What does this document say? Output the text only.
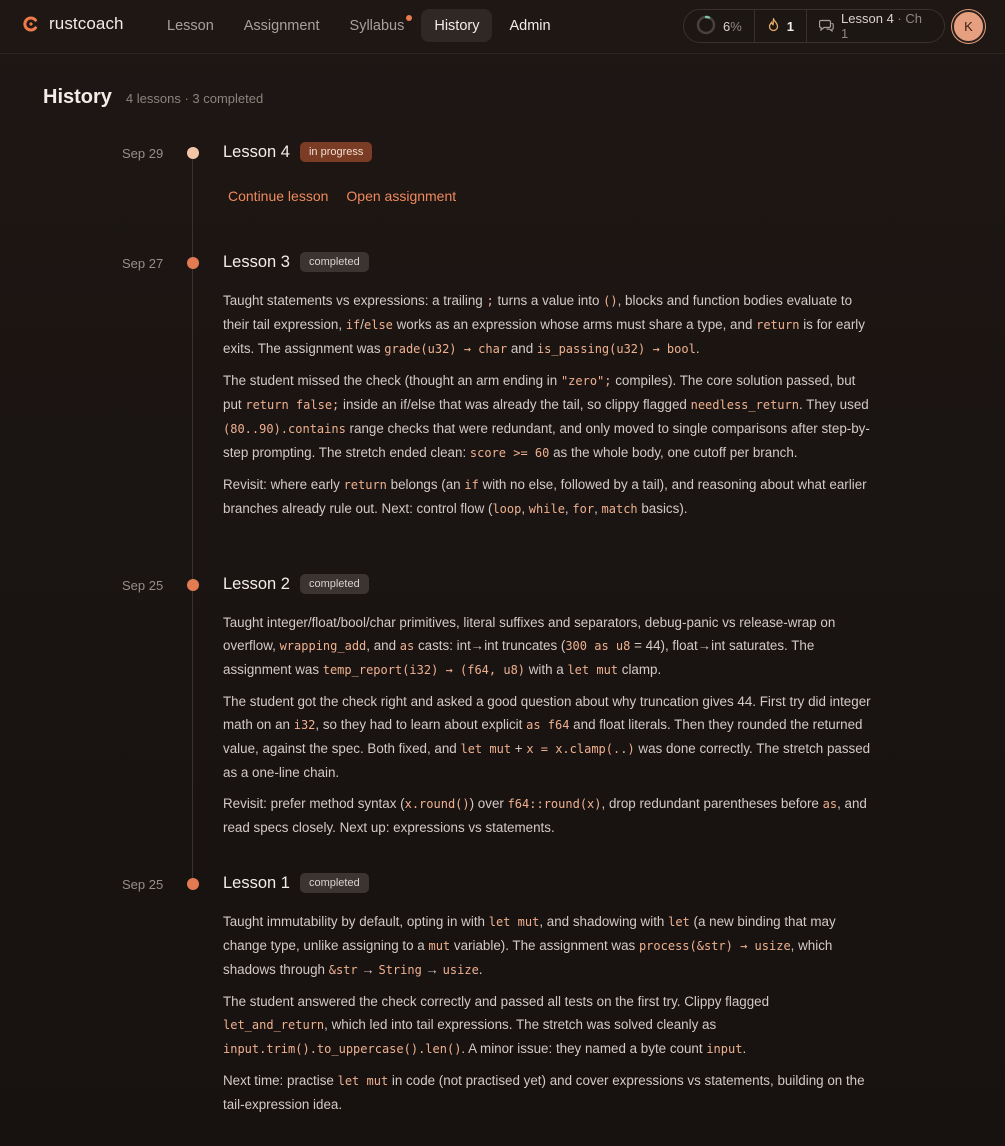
rustcoach	Lesson Assignment Syllabus History Admin	6%	1	Lesson 4 · Ch 1	K
History 4 lessons · 3 completed
Sep 29	Lesson 4	in progress
Continue lesson Open assignment
Sep 27	Lesson 3	completed

Taught statements vs expressions: a trailing ; turns a value into (), blocks and function bodies evaluate to their tail expression, if/else works as an expression whose arms must share a type, and return is for early exits. The assignment was grade(u32) → char and is_passing(u32) → bool.

The student missed the check (thought an arm ending in "zero"; compiles). The core solution passed, but put return false; inside an if/else that was already the tail, so clippy flagged needless_return. They used (80..90).contains range checks that were redundant, and only moved to single comparisons after step-by-step prompting. The stretch ended clean: score >= 60 as the whole body, one cutoff per branch.

Revisit: where early return belongs (an if with no else, followed by a tail), and reasoning about what earlier branches already rule out. Next: control flow (loop, while, for, match basics).

Sep 25	Lesson 2	completed

Taught integer/float/bool/char primitives, literal suffixes and separators, debug-panic vs release-wrap on overflow, wrapping_add, and as casts: int→int truncates (300 as u8 = 44), float→int saturates. The assignment was temp_report(i32) → (f64, u8) with a let mut clamp.

The student got the check right and asked a good question about why truncation gives 44. First try did integer math on an i32, so they had to learn about explicit as f64 and float literals. Then they rounded the returned value, against the spec. Both fixed, and let mut + x = x.clamp(..) was done correctly. The stretch passed as a one-line chain.

Revisit: prefer method syntax (x.round()) over f64::round(x), drop redundant parentheses before as, and read specs closely. Next up: expressions vs statements.

Sep 25	Lesson 1	completed

Taught immutability by default, opting in with let mut, and shadowing with let (a new binding that may change type, unlike assigning to a mut variable). The assignment was process(&str) → usize, which shadows through &str → String → usize.

The student answered the check correctly and passed all tests on the first try. Clippy flagged let_and_return, which led into tail expressions. The stretch was solved cleanly as input.trim().to_uppercase().len(). A minor issue: they named a byte count input.

Next time: practise let mut in code (not practised yet) and cover expressions vs statements, building on the tail-expression idea.
